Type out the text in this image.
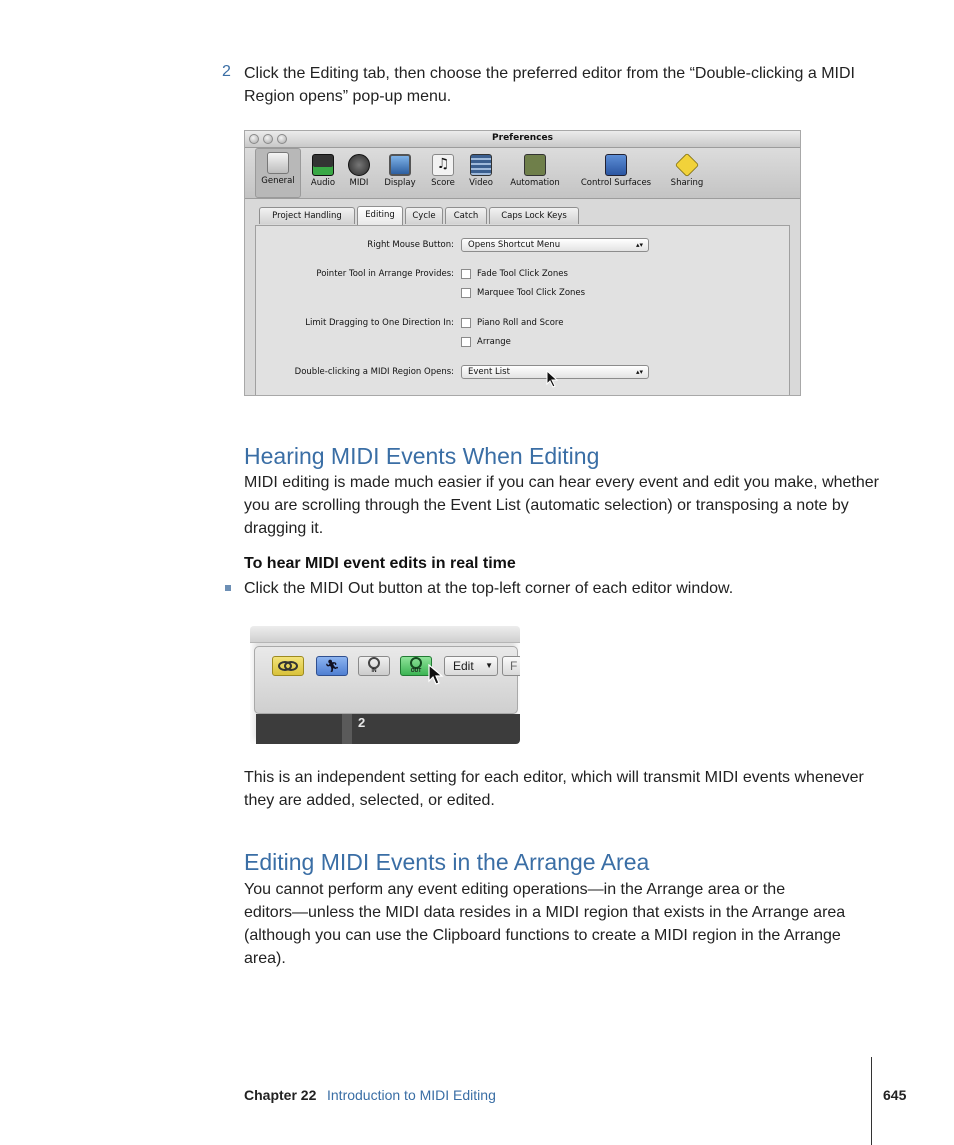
2 Click the Editing tab, then choose the preferred editor from the “Double-clicking a MIDI
Region opens” pop-up menu.
Preferences
General	Audio	MIDI	Display
♫
Score	Video	Automation	Control Surfaces	Sharing
Project Handling	Editing	Cycle	Catch	Caps Lock Keys
Right Mouse Button:	Opens Shortcut Menu	▴▾
Pointer Tool in Arrange Provides:	Fade Tool Click Zones
Marquee Tool Click Zones
Limit Dragging to One Direction In:	Piano Roll and Score
Arrange
Double-clicking a MIDI Region Opens:	Event List	▴▾
Hearing MIDI Events When Editing
MIDI editing is made much easier if you can hear every event and edit you make, whether
you are scrolling through the Event List (automatic selection) or transposing a note by
dragging it.
To hear MIDI event edits in real time
Click the MIDI Out button at the top-left corner of each editor window.
🏃︎	IN	OUT	Edit ▼	F
2
This is an independent setting for each editor, which will transmit MIDI events whenever
they are added, selected, or edited.
Editing MIDI Events in the Arrange Area
You cannot perform any event editing operations—in the Arrange area or the
editors—unless the MIDI data resides in a MIDI region that exists in the Arrange area
(although you can use the Clipboard functions to create a MIDI region in the Arrange
area).
Chapter 22 Introduction to MIDI Editing	645
